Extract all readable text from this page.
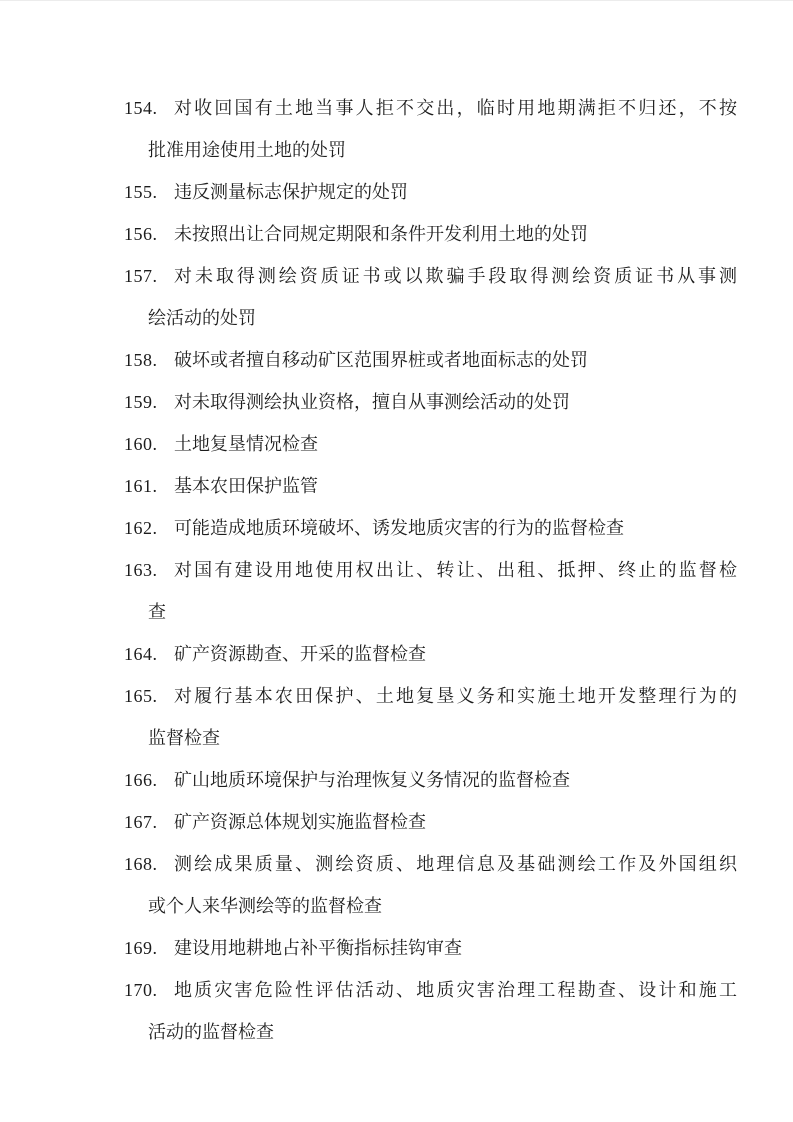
154. 对收回国有土地当事人拒不交出，临时用地期满拒不归还，不按
批准用途使用土地的处罚
155. 违反测量标志保护规定的处罚
156. 未按照出让合同规定期限和条件开发利用土地的处罚
157. 对未取得测绘资质证书或以欺骗手段取得测绘资质证书从事测
绘活动的处罚
158. 破坏或者擅自移动矿区范围界桩或者地面标志的处罚
159. 对未取得测绘执业资格，擅自从事测绘活动的处罚
160. 土地复垦情况检查
161. 基本农田保护监管
162. 可能造成地质环境破坏、诱发地质灾害的行为的监督检查
163. 对国有建设用地使用权出让、转让、出租、抵押、终止的监督检
查
164. 矿产资源勘查、开采的监督检查
165. 对履行基本农田保护、土地复垦义务和实施土地开发整理行为的
监督检查
166. 矿山地质环境保护与治理恢复义务情况的监督检查
167. 矿产资源总体规划实施监督检查
168. 测绘成果质量、测绘资质、地理信息及基础测绘工作及外国组织
或个人来华测绘等的监督检查
169. 建设用地耕地占补平衡指标挂钩审查
170. 地质灾害危险性评估活动、地质灾害治理工程勘查、设计和施工
活动的监督检查
